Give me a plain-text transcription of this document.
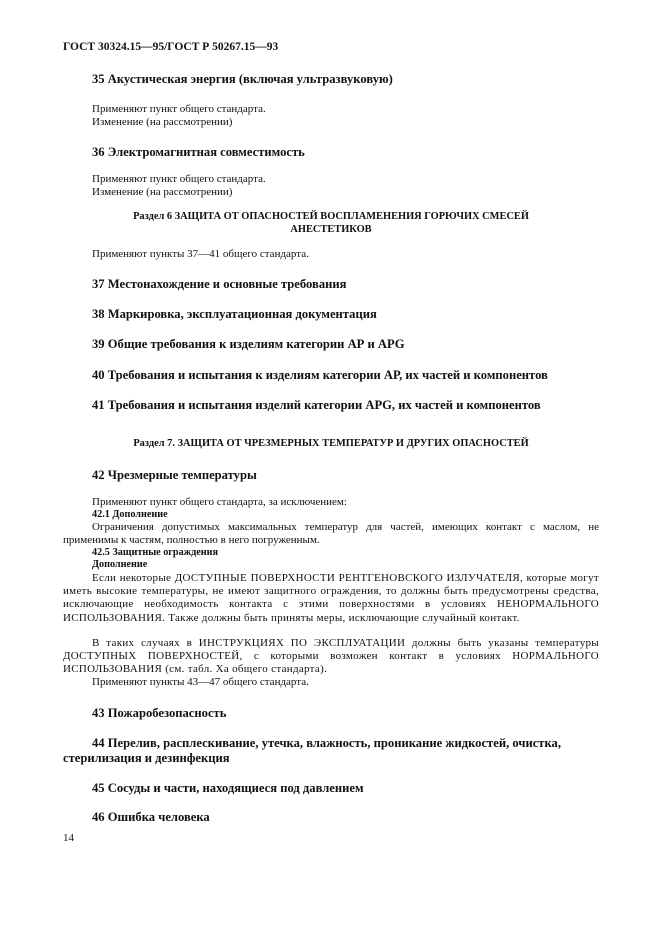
ГОСТ 30324.15—95/ГОСТ Р 50267.15—93
35 Акустическая энергия (включая ультразвуковую)
Применяют пункт общего стандарта.
Изменение (на рассмотрении)
36 Электромагнитная совместимость
Применяют пункт общего стандарта.
Изменение (на рассмотрении)
Раздел 6 ЗАЩИТА ОТ ОПАСНОСТЕЙ ВОСПЛАМЕНЕНИЯ ГОРЮЧИХ СМЕСЕЙ
АНЕСТЕТИКОВ
Применяют пункты 37—41 общего стандарта.
37 Местонахождение и основные требования
38 Маркировка, эксплуатационная документация
39 Общие требования к изделиям категории АР и APG
40 Требования и испытания к изделиям категории АР, их частей и компонентов
41 Требования и испытания изделий категории APG, их частей и компонентов
Раздел 7. ЗАЩИТА ОТ ЧРЕЗМЕРНЫХ ТЕМПЕРАТУР И ДРУГИХ ОПАСНОСТЕЙ
42 Чрезмерные температуры
Применяют пункт общего стандарта, за исключением:
42.1 Дополнение
Ограничения допустимых максимальных температур для частей, имеющих контакт с маслом, не применимы к частям, полностью в него погруженным.
42.5 Защитные ограждения
Дополнение
Если некоторые ДОСТУПНЫЕ ПОВЕРХНОСТИ РЕНТГЕНОВСКОГО ИЗЛУЧАТЕЛЯ, которые могут иметь высокие температуры, не имеют защитного ограждения, то должны быть предусмотрены средства, исключающие необходимость контакта с этими поверхностями в условиях НЕНОРМАЛЬНОГО ИСПОЛЬЗОВАНИЯ. Также должны быть приняты меры, исключающие случайный контакт.
В таких случаях в ИНСТРУКЦИЯХ ПО ЭКСПЛУАТАЦИИ должны быть указаны температуры ДОСТУПНЫХ ПОВЕРХНОСТЕЙ, с которыми возможен контакт в условиях НОРМАЛЬНОГО ИСПОЛЬЗОВАНИЯ (см. табл. Ха общего стандарта).
Применяют пункты 43—47 общего стандарта.
43 Пожаробезопасность
44 Перелив, расплескивание, утечка, влажность, проникание жидкостей, очистка,
стерилизация и дезинфекция
45 Сосуды и части, находящиеся под давлением
46 Ошибка человека
14
